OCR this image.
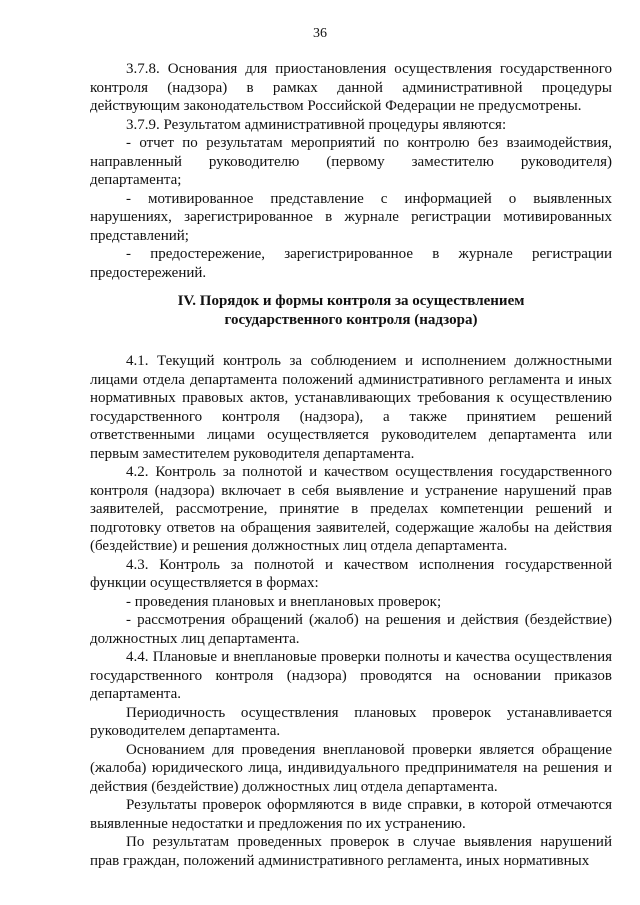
36

3.7.8. Основания для приостановления осуществления государственного контроля (надзора) в рамках данной административной процедуры действующим законодательством Российской Федерации не предусмотрены.

3.7.9. Результатом административной процедуры являются:

- отчет по результатам мероприятий по контролю без взаимодействия, направленный руководителю (первому заместителю руководителя) департамента;

- мотивированное представление с информацией о выявленных нарушениях, зарегистрированное в журнале регистрации мотивированных представлений;

- предостережение, зарегистрированное в журнале регистрации предостережений.

IV. Порядок и формы контроля за осуществлением
государственного контроля (надзора)

4.1. Текущий контроль за соблюдением и исполнением должностными лицами отдела департамента положений административного регламента и иных нормативных правовых актов, устанавливающих требования к осуществлению государственного контроля (надзора), а также принятием решений ответственными лицами осуществляется руководителем департамента или первым заместителем руководителя департамента.

4.2. Контроль за полнотой и качеством осуществления государственного контроля (надзора) включает в себя выявление и устранение нарушений прав заявителей, рассмотрение, принятие в пределах компетенции решений и подготовку ответов на обращения заявителей, содержащие жалобы на действия (бездействие) и решения должностных лиц отдела департамента.

4.3. Контроль за полнотой и качеством исполнения государственной функции осуществляется в формах:

- проведения плановых и внеплановых проверок;

- рассмотрения обращений (жалоб) на решения и действия (бездействие) должностных лиц департамента.

4.4. Плановые и внеплановые проверки полноты и качества осуществления государственного контроля (надзора) проводятся на основании приказов департамента.

Периодичность осуществления плановых проверок устанавливается руководителем департамента.

Основанием для проведения внеплановой проверки является обращение (жалоба) юридического лица, индивидуального предпринимателя на решения и действия (бездействие) должностных лиц отдела департамента.

Результаты проверок оформляются в виде справки, в которой отмечаются выявленные недостатки и предложения по их устранению.

По результатам проведенных проверок в случае выявления нарушений прав граждан, положений административного регламента, иных нормативных
